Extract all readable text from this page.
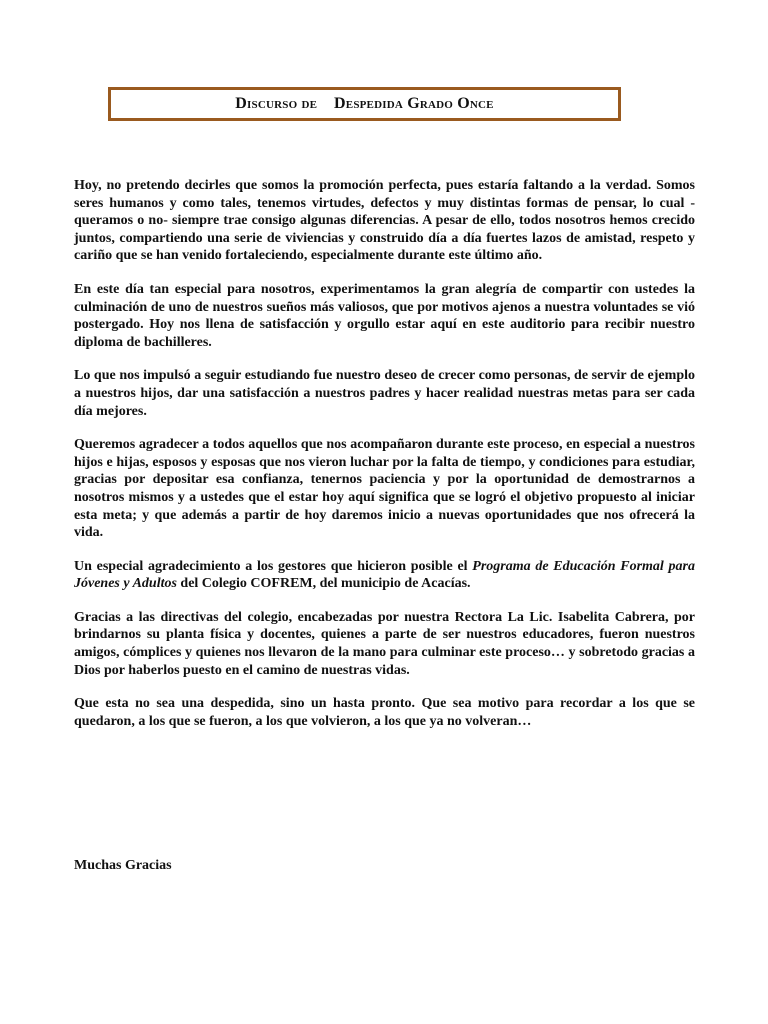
Discurso de Despedida Grado Once

Hoy, no pretendo decirles que somos la promoción perfecta, pues estaría faltando a la verdad. Somos seres humanos y como tales, tenemos virtudes, defectos y muy distintas formas de pensar, lo cual -queramos o no- siempre trae consigo algunas diferencias. A pesar de ello, todos nosotros hemos crecido juntos, compartiendo una serie de viviencias y construido día a día fuertes lazos de amistad, respeto y cariño que se han venido fortaleciendo, especialmente durante este último año.

En este día tan especial para nosotros, experimentamos la gran alegría de compartir con ustedes la culminación de uno de nuestros sueños más valiosos, que por motivos ajenos a nuestra voluntades se vió postergado. Hoy nos llena de satisfacción y orgullo estar aquí en este auditorio para recibir nuestro diploma de bachilleres.

Lo que nos impulsó a seguir estudiando fue nuestro deseo de crecer como personas, de servir de ejemplo a nuestros hijos, dar una satisfacción a nuestros padres y hacer realidad nuestras metas para ser cada día mejores.

Queremos agradecer a todos aquellos que nos acompañaron durante este proceso, en especial a nuestros hijos e hijas, esposos y esposas que nos vieron luchar por la falta de tiempo, y condiciones para estudiar, gracias por depositar esa confianza, tenernos paciencia y por la oportunidad de demostrarnos a nosotros mismos y a ustedes que el estar hoy aquí significa que se logró el objetivo propuesto al iniciar esta meta; y que además a partir de hoy daremos inicio a nuevas oportunidades que nos ofrecerá la vida.

Un especial agradecimiento a los gestores que hicieron posible el Programa de Educación Formal para Jóvenes y Adultos del Colegio COFREM, del municipio de Acacías.

Gracias a las directivas del colegio, encabezadas por nuestra Rectora La Lic. Isabelita Cabrera, por brindarnos su planta física y docentes, quienes a parte de ser nuestros educadores, fueron nuestros amigos, cómplices y quienes nos llevaron de la mano para culminar este proceso… y sobretodo gracias a Dios por haberlos puesto en el camino de nuestras vidas.

Que esta no sea una despedida, sino un hasta pronto. Que sea motivo para recordar a los que se quedaron, a los que se fueron, a los que volvieron, a los que ya no volveran…

Muchas Gracias
